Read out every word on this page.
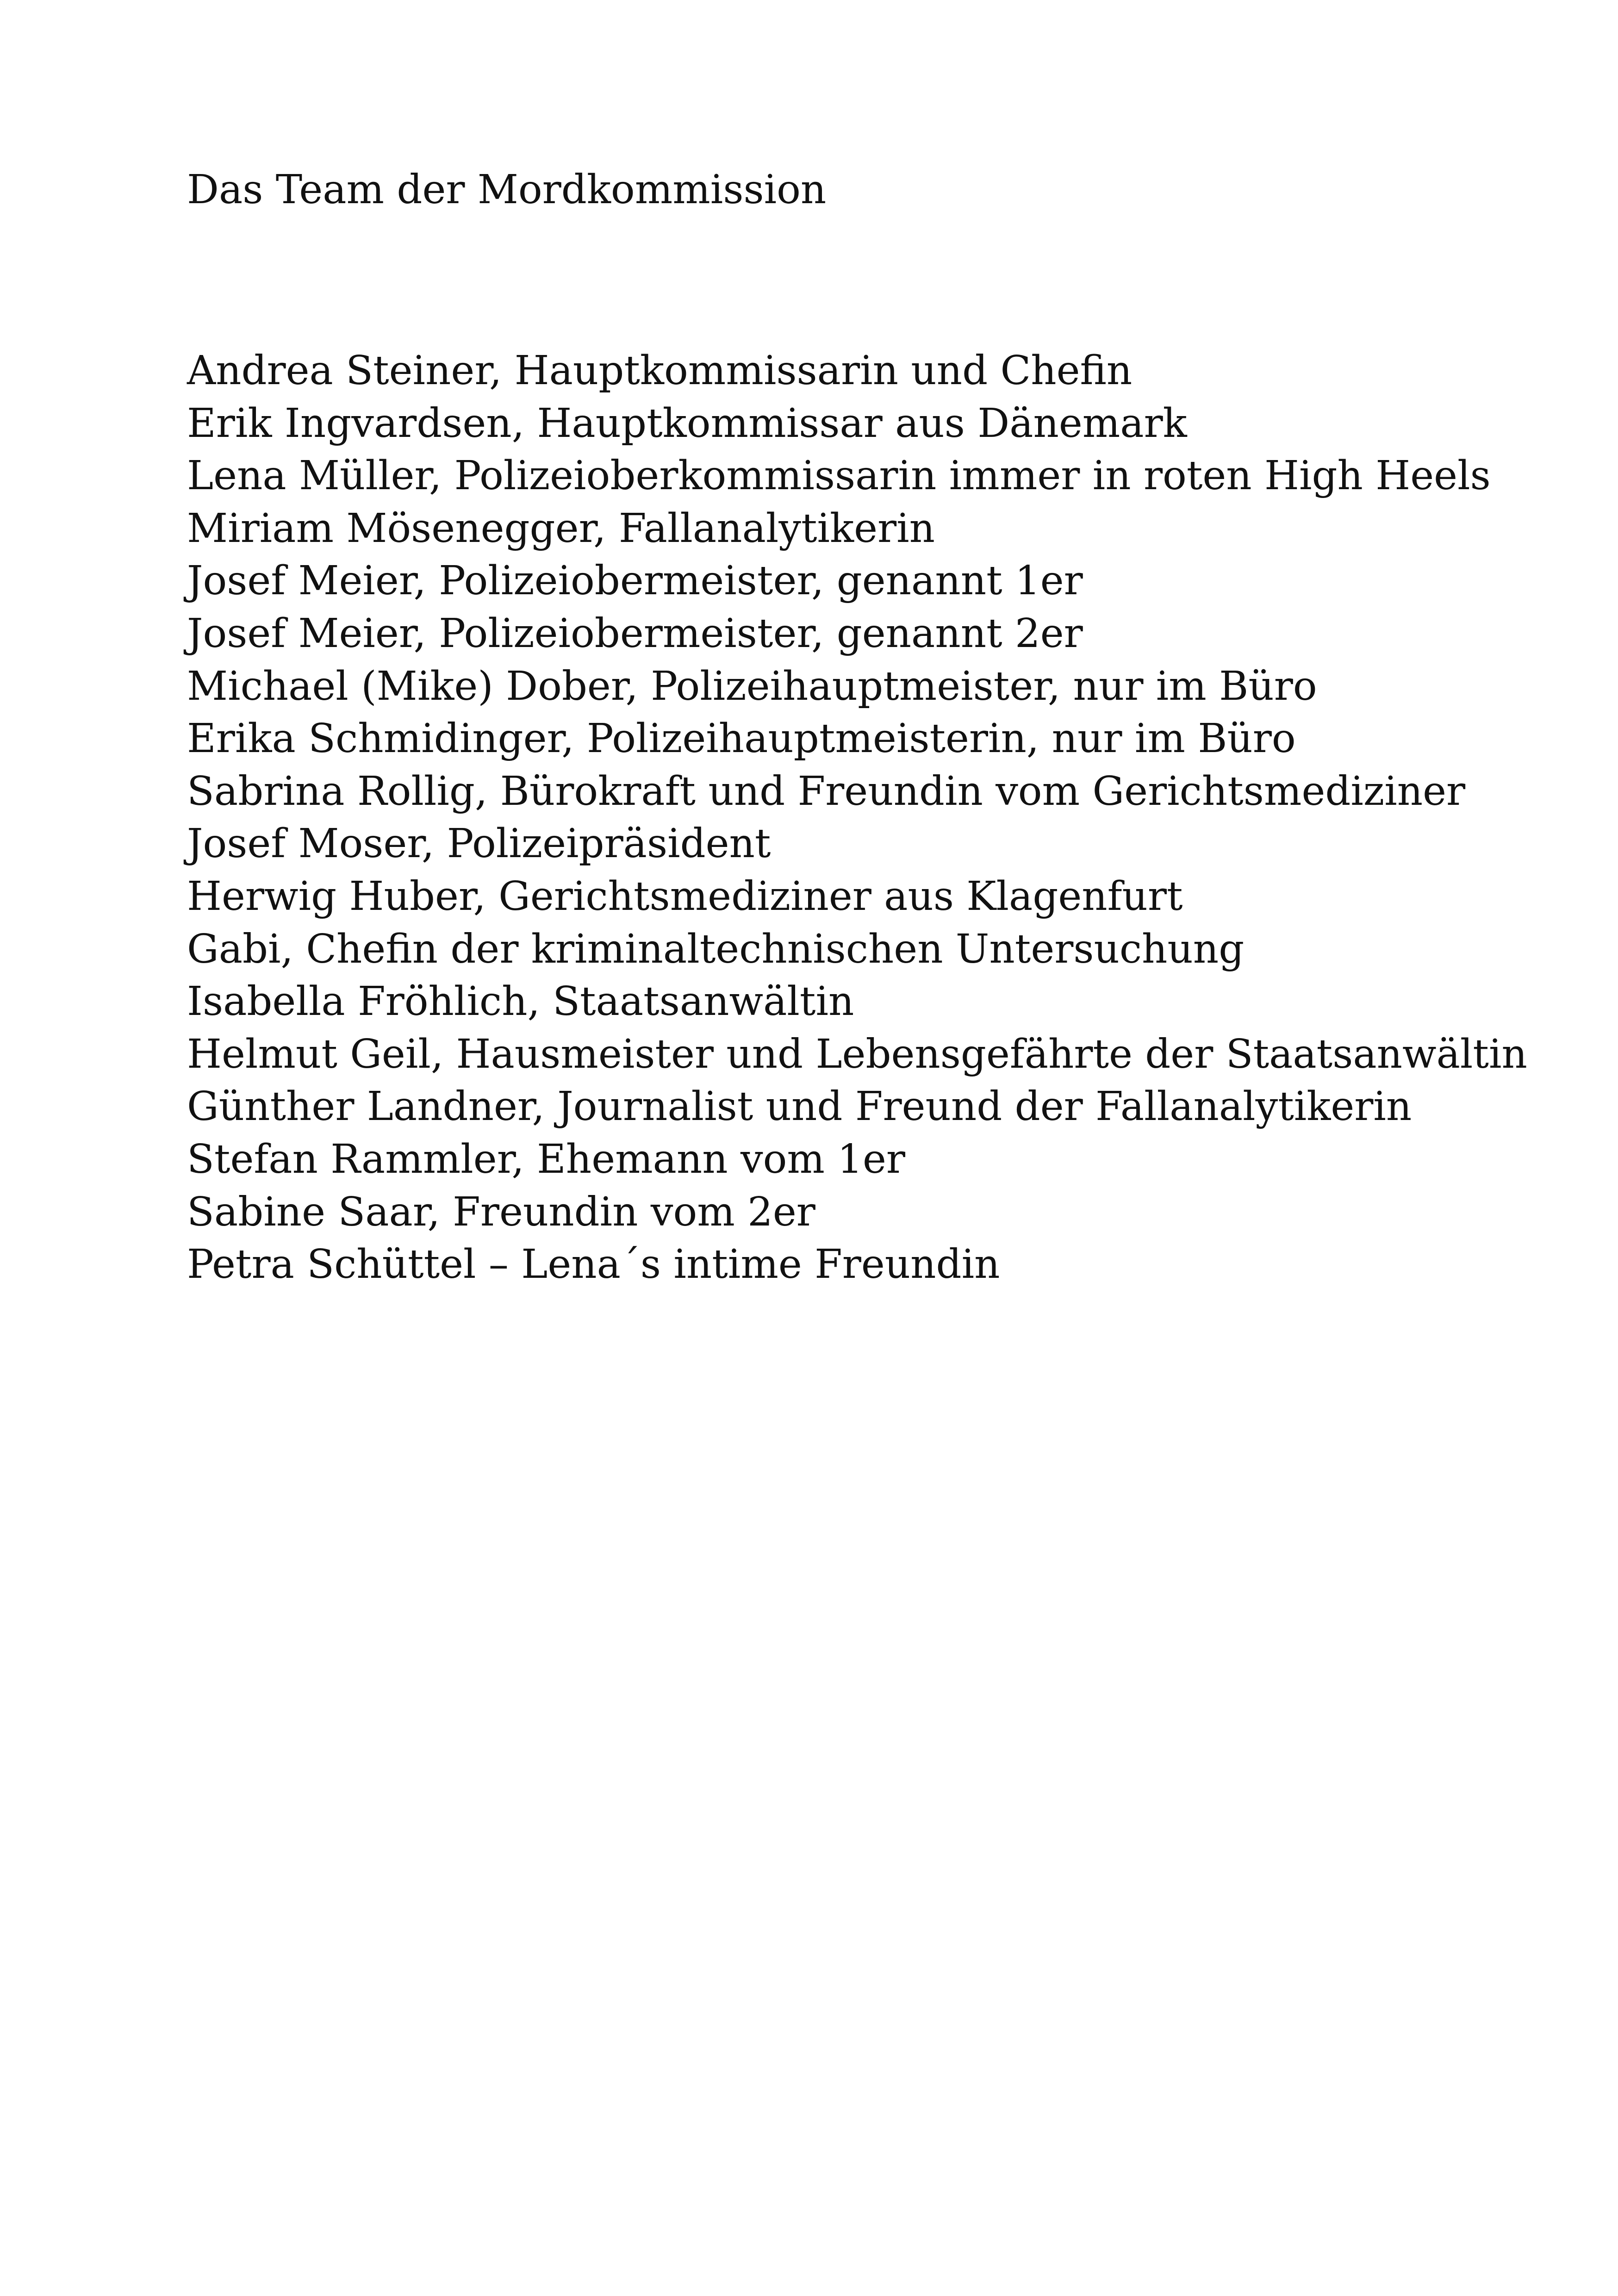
Das Team der Mordkommission
Andrea Steiner, Hauptkommissarin und Chefin
Erik Ingvardsen, Hauptkommissar aus Dänemark
Lena Müller, Polizeioberkommissarin immer in roten High Heels
Miriam Mösenegger, Fallanalytikerin
Josef Meier, Polizeiobermeister, genannt 1er
Josef Meier, Polizeiobermeister, genannt 2er
Michael (Mike) Dober, Polizeihauptmeister, nur im Büro
Erika Schmidinger, Polizeihauptmeisterin, nur im Büro
Sabrina Rollig, Bürokraft und Freundin vom Gerichtsmediziner
Josef Moser, Polizeipräsident
Herwig Huber, Gerichtsmediziner aus Klagenfurt
Gabi, Chefin der kriminaltechnischen Untersuchung
Isabella Fröhlich, Staatsanwältin
Helmut Geil, Hausmeister und Lebensgefährte der Staatsanwältin
Günther Landner, Journalist und Freund der Fallanalytikerin
Stefan Rammler, Ehemann vom 1er
Sabine Saar, Freundin vom 2er
Petra Schüttel – Lena´s intime Freundin
